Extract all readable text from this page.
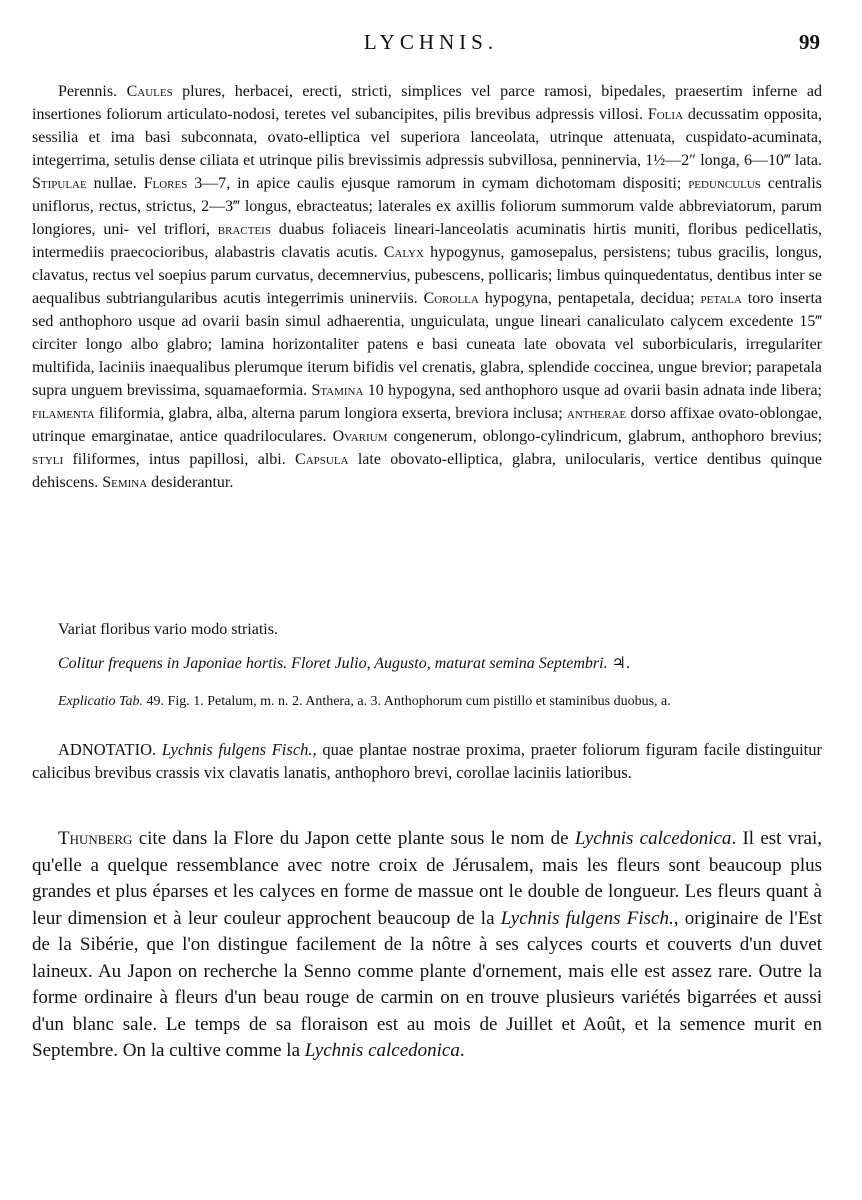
LYCHNIS.	99

Perennis. Caules plures, herbacei, erecti, stricti, simplices vel parce ramosi, bipedales, praesertim inferne ad insertiones foliorum articulato-nodosi, teretes vel subancipites, pilis brevibus adpressis villosi. Folia decussatim opposita, sessilia et ima basi subconnata, ovato-elliptica vel superiora lanceolata, utrinque attenuata, cuspidato-acuminata, integerrima, setulis dense ciliata et utrinque pilis brevissimis adpressis subvillosa, penninervia, 1½—2″ longa, 6—10‴ lata. Stipulae nullae. Flores 3—7, in apice caulis ejusque ramorum in cymam dichotomam dispositi; pedunculus centralis uniflorus, rectus, strictus, 2—3‴ longus, ebracteatus; laterales ex axillis foliorum summorum valde abbreviatorum, parum longiores, uni- vel triflori, bracteis duabus foliaceis lineari-lanceolatis acuminatis hirtis muniti, floribus pedicellatis, intermediis praecocioribus, alabastris clavatis acutis. Calyx hypogynus, gamosepalus, persistens; tubus gracilis, longus, clavatus, rectus vel soepius parum curvatus, decemnervius, pubescens, pollicaris; limbus quinquedentatus, dentibus inter se aequalibus subtriangularibus acutis integerrimis uninerviis. Corolla hypogyna, pentapetala, decidua; petala toro inserta sed anthophoro usque ad ovarii basin simul adhaerentia, unguiculata, ungue lineari canaliculato calycem excedente 15‴ circiter longo albo glabro; lamina horizontaliter patens e basi cuneata late obovata vel suborbicularis, irregulariter multifida, laciniis inaequalibus plerumque iterum bifidis vel crenatis, glabra, splendide coccinea, ungue brevior; parapetala supra unguem brevissima, squamaeformia. Stamina 10 hypogyna, sed anthophoro usque ad ovarii basin adnata inde libera; filamenta filiformia, glabra, alba, alterna parum longiora exserta, breviora inclusa; antherae dorso affixae ovato-oblongae, utrinque emarginatae, antice quadriloculares. Ovarium congenerum, oblongo-cylindricum, glabrum, anthophoro brevius; styli filiformes, intus papillosi, albi. Capsula late obovato-elliptica, glabra, unilocularis, vertice dentibus quinque dehiscens. Semina desiderantur.

Variat floribus vario modo striatis.

Colitur frequens in Japoniae hortis. Floret Julio, Augusto, maturat semina Septembri. ♃.

Explicatio Tab. 49. Fig. 1. Petalum, m. n. 2. Anthera, a. 3. Anthophorum cum pistillo et staminibus duobus, a.

ADNOTATIO. Lychnis fulgens Fisch., quae plantae nostrae proxima, praeter foliorum figuram facile distinguitur calicibus brevibus crassis vix clavatis lanatis, anthophoro brevi, corollae laciniis latioribus.

Thunberg cite dans la Flore du Japon cette plante sous le nom de Lychnis calcedonica. Il est vrai, qu'elle a quelque ressemblance avec notre croix de Jérusalem, mais les fleurs sont beaucoup plus grandes et plus éparses et les calyces en forme de massue ont le double de longueur. Les fleurs quant à leur dimension et à leur couleur approchent beaucoup de la Lychnis fulgens Fisch., originaire de l'Est de la Sibérie, que l'on distingue facilement de la nôtre à ses calyces courts et couverts d'un duvet laineux. Au Japon on recherche la Senno comme plante d'ornement, mais elle est assez rare. Outre la forme ordinaire à fleurs d'un beau rouge de carmin on en trouve plusieurs variétés bigarrées et aussi d'un blanc sale. Le temps de sa floraison est au mois de Juillet et Août, et la semence murit en Septembre. On la cultive comme la Lychnis calcedonica.
